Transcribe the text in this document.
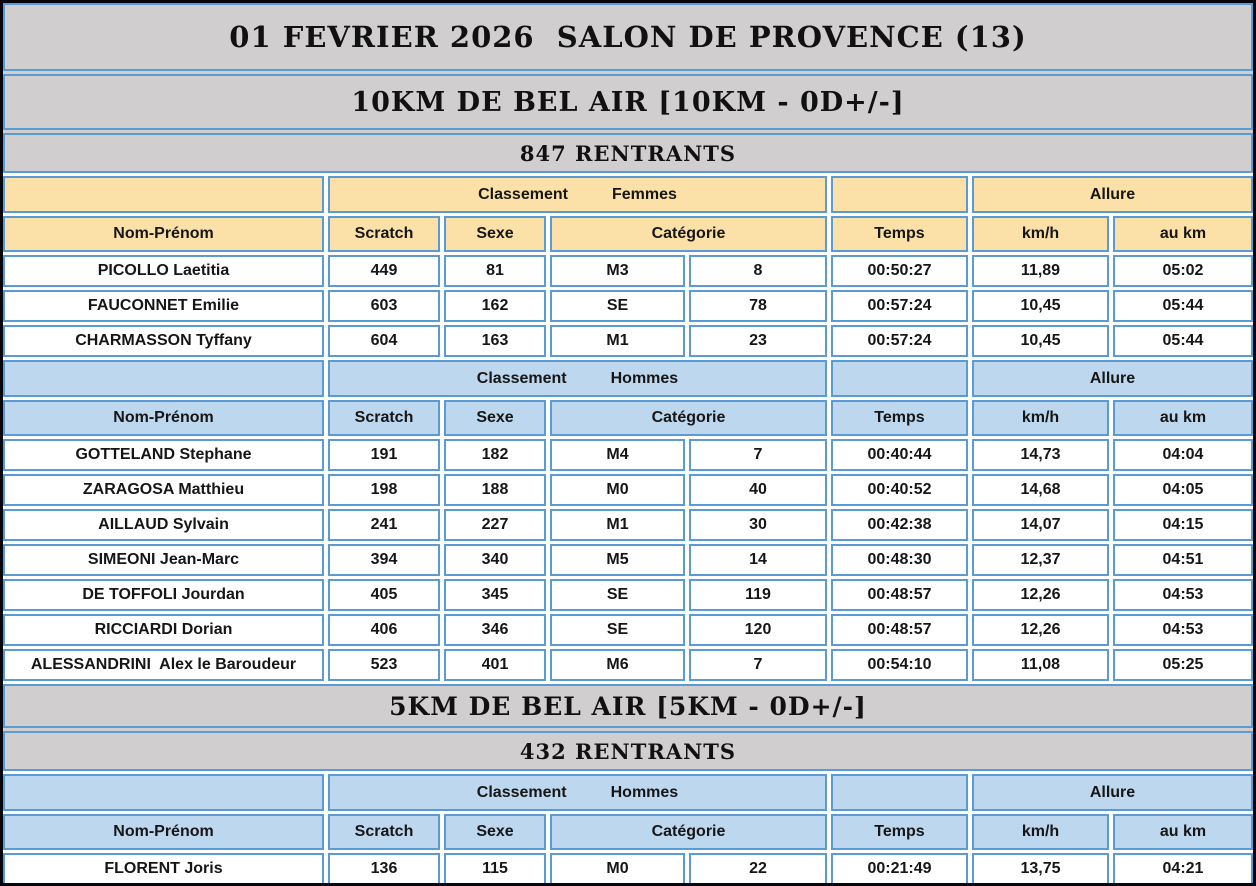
01 FEVRIER 2026  SALON DE PROVENCE (13)
10KM DE BEL AIR [10KM - 0D+/-]
847 RENTRANTS
Classement	Femmes	Allure
Nom-Prénom	Scratch	Sexe	Catégorie	Temps	km/h	au km
PICOLLO Laetitia	449	81	M3	8	00:50:27	11,89	05:02
FAUCONNET Emilie	603	162	SE	78	00:57:24	10,45	05:44
CHARMASSON Tyffany	604	163	M1	23	00:57:24	10,45	05:44
Classement	Hommes	Allure
Nom-Prénom	Scratch	Sexe	Catégorie	Temps	km/h	au km
GOTTELAND Stephane	191	182	M4	7	00:40:44	14,73	04:04
ZARAGOSA Matthieu	198	188	M0	40	00:40:52	14,68	04:05
AILLAUD Sylvain	241	227	M1	30	00:42:38	14,07	04:15
SIMEONI Jean-Marc	394	340	M5	14	00:48:30	12,37	04:51
DE TOFFOLI Jourdan	405	345	SE	119	00:48:57	12,26	04:53
RICCIARDI Dorian	406	346	SE	120	00:48:57	12,26	04:53
ALESSANDRINI  Alex le Baroudeur	523	401	M6	7	00:54:10	11,08	05:25
5KM DE BEL AIR [5KM - 0D+/-]
432 RENTRANTS
Classement	Hommes	Allure
Nom-Prénom	Scratch	Sexe	Catégorie	Temps	km/h	au km
FLORENT Joris	136	115	M0	22	00:21:49	13,75	04:21
